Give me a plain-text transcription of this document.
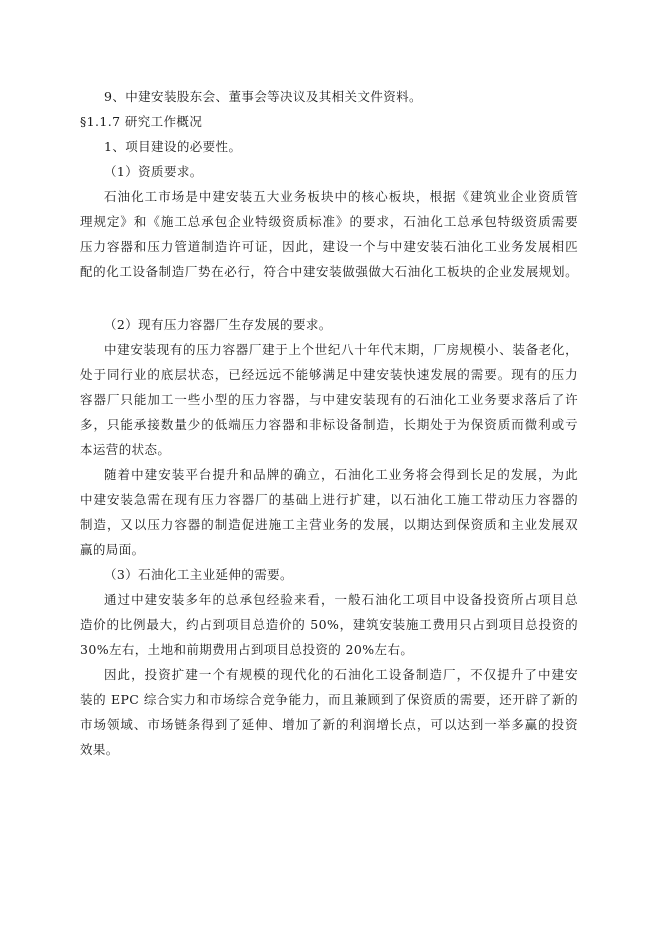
9、中建安装股东会、董事会等决议及其相关文件资料。
§1.1.7 研究工作概况
1、项目建设的必要性。
（1）资质要求。
石油化工市场是中建安装五大业务板块中的核心板块，根据《建筑业企业资质管
理规定》和《施工总承包企业特级资质标准》的要求，石油化工总承包特级资质需要
压力容器和压力管道制造许可证，因此，建设一个与中建安装石油化工业务发展相匹
配的化工设备制造厂势在必行，符合中建安装做强做大石油化工板块的企业发展规划。
（2）现有压力容器厂生存发展的要求。
中建安装现有的压力容器厂建于上个世纪八十年代末期，厂房规模小、装备老化，
处于同行业的底层状态，已经远远不能够满足中建安装快速发展的需要。现有的压力
容器厂只能加工一些小型的压力容器，与中建安装现有的石油化工业务要求落后了许
多，只能承接数量少的低端压力容器和非标设备制造，长期处于为保资质而微利或亏
本运营的状态。
随着中建安装平台提升和品牌的确立，石油化工业务将会得到长足的发展，为此
中建安装急需在现有压力容器厂的基础上进行扩建，以石油化工施工带动压力容器的
制造，又以压力容器的制造促进施工主营业务的发展，以期达到保资质和主业发展双
赢的局面。
（3）石油化工主业延伸的需要。
通过中建安装多年的总承包经验来看，一般石油化工项目中设备投资所占项目总
造价的比例最大，约占到项目总造价的 50%，建筑安装施工费用只占到项目总投资的
30%左右，土地和前期费用占到项目总投资的 20%左右。
因此，投资扩建一个有规模的现代化的石油化工设备制造厂，不仅提升了中建安
装的 EPC 综合实力和市场综合竞争能力，而且兼顾到了保资质的需要，还开辟了新的
市场领域、市场链条得到了延伸、增加了新的利润增长点，可以达到一举多赢的投资
效果。
